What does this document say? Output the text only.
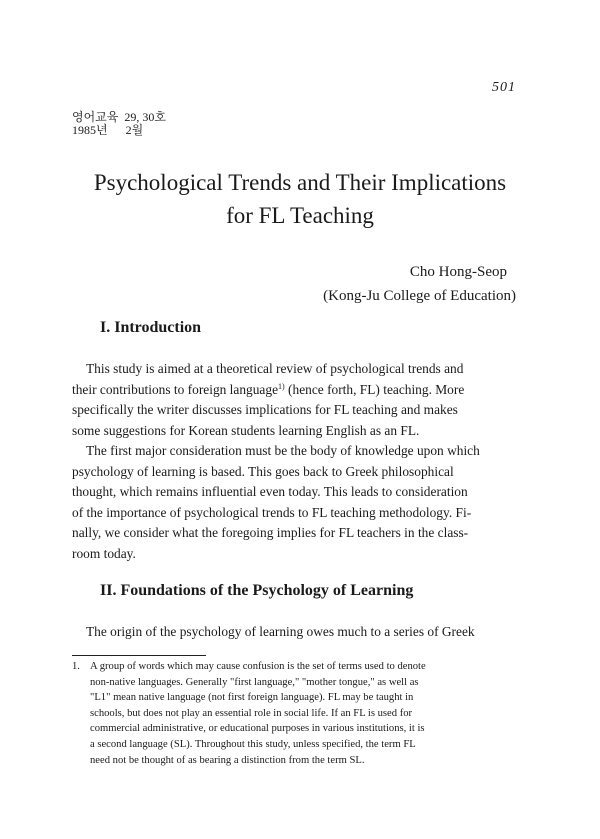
501
영어교육  29, 30호
1985년      2월
Psychological Trends and Their Implications
for FL Teaching
Cho Hong-Seop
(Kong-Ju College of Education)
I. Introduction
This study is aimed at a theoretical review of psychological trends and
their contributions to foreign language$^{1)}$ (hence forth, FL) teaching. More
specifically the writer discusses implications for FL teaching and makes
some suggestions for Korean students learning English as an FL.
The first major consideration must be the body of knowledge upon which
psychology of learning is based. This goes back to Greek philosophical
thought, which remains influential even today. This leads to consideration
of the importance of psychological trends to FL teaching methodology. Fi-
nally, we consider what the foregoing implies for FL teachers in the class-
room today.
II. Foundations of the Psychology of Learning
The origin of the psychology of learning owes much to a series of Greek
1. A group of words which may cause confusion is the set of terms used to denote
non-native languages. Generally "first language," "mother tongue," as well as
"L1" mean native language (not first foreign language). FL may be taught in
schools, but does not play an essential role in social life. If an FL is used for
commercial administrative, or educational purposes in various institutions, it is
a second language (SL). Throughout this study, unless specified, the term FL
need not be thought of as bearing a distinction from the term SL.
